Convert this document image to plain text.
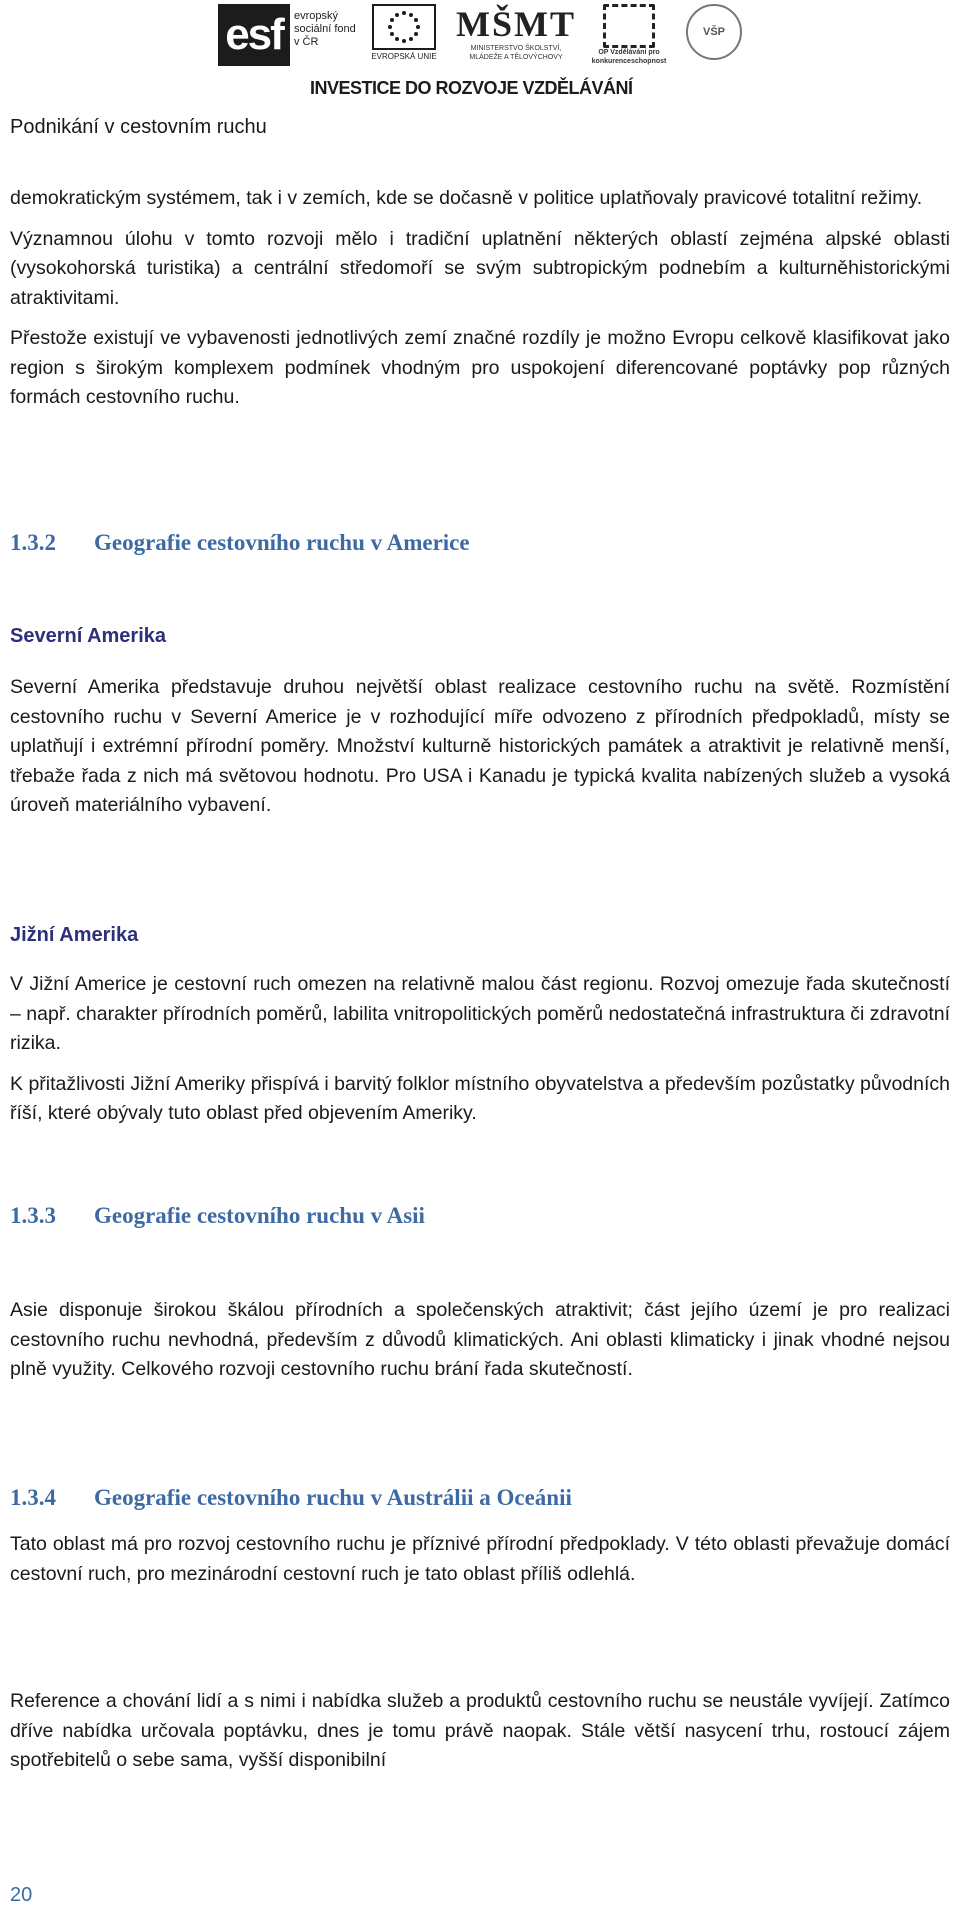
esf	evropský sociální fond v ČR
EVROPSKÁ UNIE
MŠMT
MINISTERSTVO ŠKOLSTVÍ, MLÁDEŽE A TĚLOVÝCHOVY
OP Vzdělávání pro konkurenceschopnost
VŠP
INVESTICE DO ROZVOJE VZDĚLÁVÁNÍ
Podnikání v cestovním ruchu

demokratickým systémem, tak i v zemích, kde se dočasně v politice uplatňovaly pravicové totalitní režimy.

Významnou úlohu v tomto rozvoji mělo i tradiční uplatnění některých oblastí zejména alpské oblasti (vysokohorská turistika) a centrální středomoří se svým subtropickým podnebím a kulturněhistorickými atraktivitami.

Přestože existují ve vybavenosti jednotlivých zemí značné rozdíly je možno Evropu celkově klasifikovat jako region s širokým komplexem podmínek vhodným pro uspokojení diferencované poptávky pop různých formách cestovního ruchu.

1.3.2 Geografie cestovního ruchu v Americe
Severní Amerika

Severní Amerika představuje druhou největší oblast realizace cestovního ruchu na světě. Rozmístění cestovního ruchu v Severní Americe je v rozhodující míře odvozeno z přírodních předpokladů, místy se uplatňují i extrémní přírodní poměry. Množství kulturně historických památek a atraktivit je relativně menší, třebaže řada z nich má světovou hodnotu. Pro USA i Kanadu je typická kvalita nabízených služeb a vysoká úroveň materiálního vybavení.

Jižní Amerika

V Jižní Americe je cestovní ruch omezen na relativně malou část regionu. Rozvoj omezuje řada skutečností – např. charakter přírodních poměrů, labilita vnitropolitických poměrů nedostatečná infrastruktura či zdravotní rizika.

K přitažlivosti Jižní Ameriky přispívá i barvitý folklor místního obyvatelstva a především pozůstatky původních říší, které obývaly tuto oblast před objevením Ameriky.

1.3.3 Geografie cestovního ruchu v Asii

Asie disponuje širokou škálou přírodních a společenských atraktivit; část jejího území je pro realizaci cestovního ruchu nevhodná, především z důvodů klimatických. Ani oblasti klimaticky i jinak vhodné nejsou plně využity. Celkového rozvoji cestovního ruchu brání řada skutečností.

1.3.4 Geografie cestovního ruchu v Austrálii a Oceánii

Tato oblast má pro rozvoj cestovního ruchu je příznivé přírodní předpoklady. V této oblasti převažuje domácí cestovní ruch, pro mezinárodní cestovní ruch je tato oblast příliš odlehlá.

Reference a chování lidí a s nimi i nabídka služeb a produktů cestovního ruchu se neustále vyvíjejí. Zatímco dříve nabídka určovala poptávku, dnes je tomu právě naopak. Stále větší nasycení trhu, rostoucí zájem spotřebitelů o sebe sama, vyšší disponibilní

20
